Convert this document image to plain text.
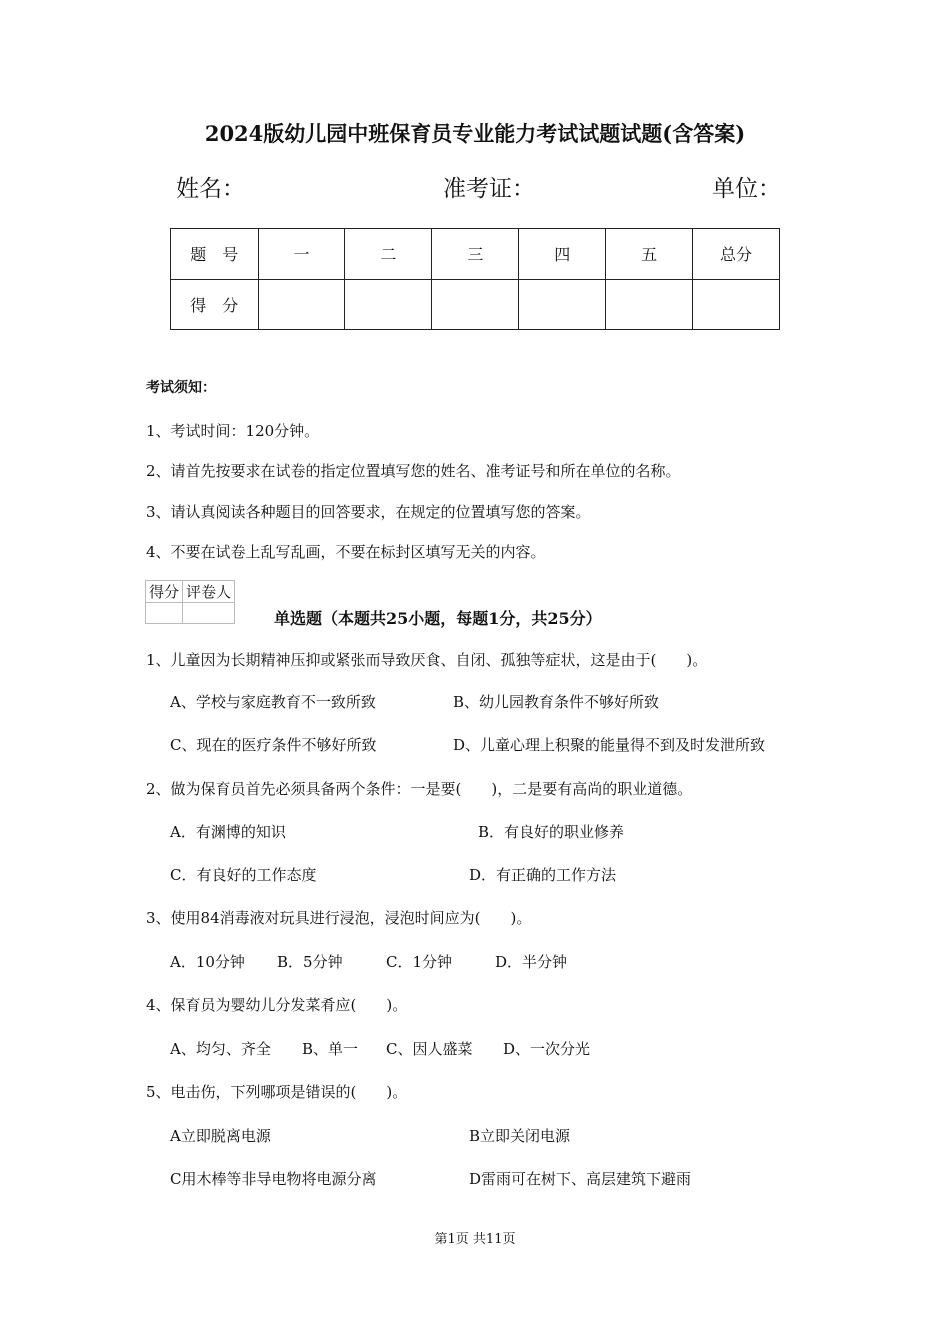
2024版幼儿园中班保育员专业能力考试试题试题(含答案)
姓名：	准考证：	单位：
题　号	一	二	三	四	五	总分
得　分						
考试须知：
1、考试时间：120分钟。
2、请首先按要求在试卷的指定位置填写您的姓名、准考证号和所在单位的名称。
3、请认真阅读各种题目的回答要求，在规定的位置填写您的答案。
4、不要在试卷上乱写乱画，不要在标封区填写无关的内容。
得分	评卷人

单选题（本题共25小题，每题1分，共25分）
1、儿童因为长期精神压抑或紧张而导致厌食、自闭、孤独等症状，这是由于(　　)。
A、学校与家庭教育不一致所致	B、幼儿园教育条件不够好所致
C、现在的医疗条件不够好所致	D、儿童心理上积聚的能量得不到及时发泄所致
2、做为保育员首先必须具备两个条件：一是要(　　)，二是要有高尚的职业道德。
A．有渊博的知识	B．有良好的职业修养
C．有良好的工作态度	D．有正确的工作方法
3、使用84消毒液对玩具进行浸泡，浸泡时间应为(　　)。
A．10分钟 B．5分钟	C．1分钟	D．半分钟
4、保育员为婴幼儿分发菜肴应(　　)。
A、均匀、齐全 B、单一 C、因人盛菜 D、一次分光
5、电击伤，下列哪项是错误的(　　)。
A立即脱离电源	B立即关闭电源
C用木棒等非导电物将电源分离	D雷雨可在树下、高层建筑下避雨
第1页 共11页
